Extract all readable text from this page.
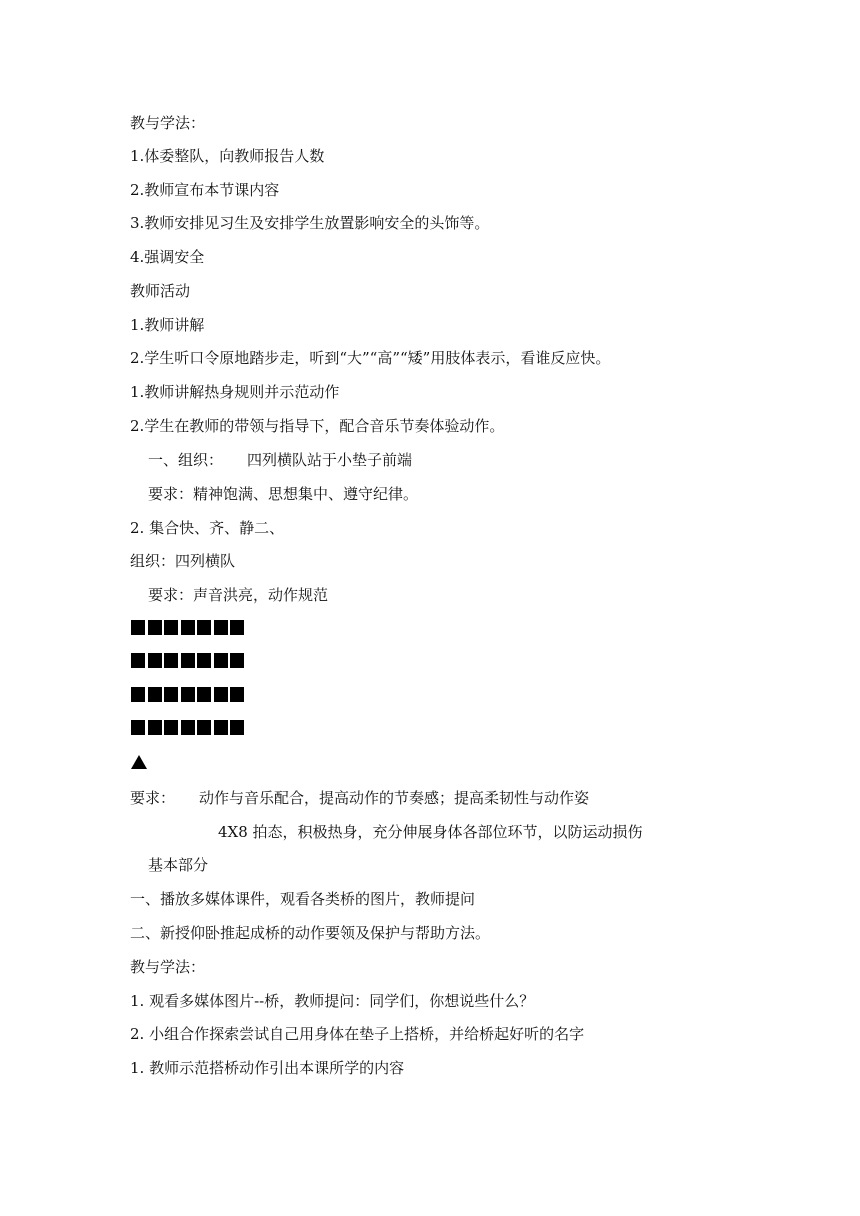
教与学法：
1.体委整队，向教师报告人数
2.教师宣布本节课内容
3.教师安排见习生及安排学生放置影响安全的头饰等。
4.强调安全
教师活动
1.教师讲解
2.学生听口令原地踏步走，听到“大”“高”“矮”用肢体表示，看谁反应快。
1.教师讲解热身规则并示范动作
2.学生在教师的带领与指导下，配合音乐节奏体验动作。
一、组织： 四列横队站于小垫子前端
要求：精神饱满、思想集中、遵守纪律。
2. 集合快、齐、静二、
组织：四列横队
要求：声音洪亮，动作规范
要求： 动作与音乐配合，提高动作的节奏感；提高柔韧性与动作姿
4X8 拍态，积极热身，充分伸展身体各部位环节，以防运动损伤
基本部分
一、播放多媒体课件，观看各类桥的图片，教师提问
二、新授仰卧推起成桥的动作要领及保护与帮助方法。
教与学法：
1. 观看多媒体图片--桥，教师提问：同学们，你想说些什么？
2. 小组合作探索尝试自己用身体在垫子上搭桥，并给桥起好听的名字
1. 教师示范搭桥动作引出本课所学的内容
